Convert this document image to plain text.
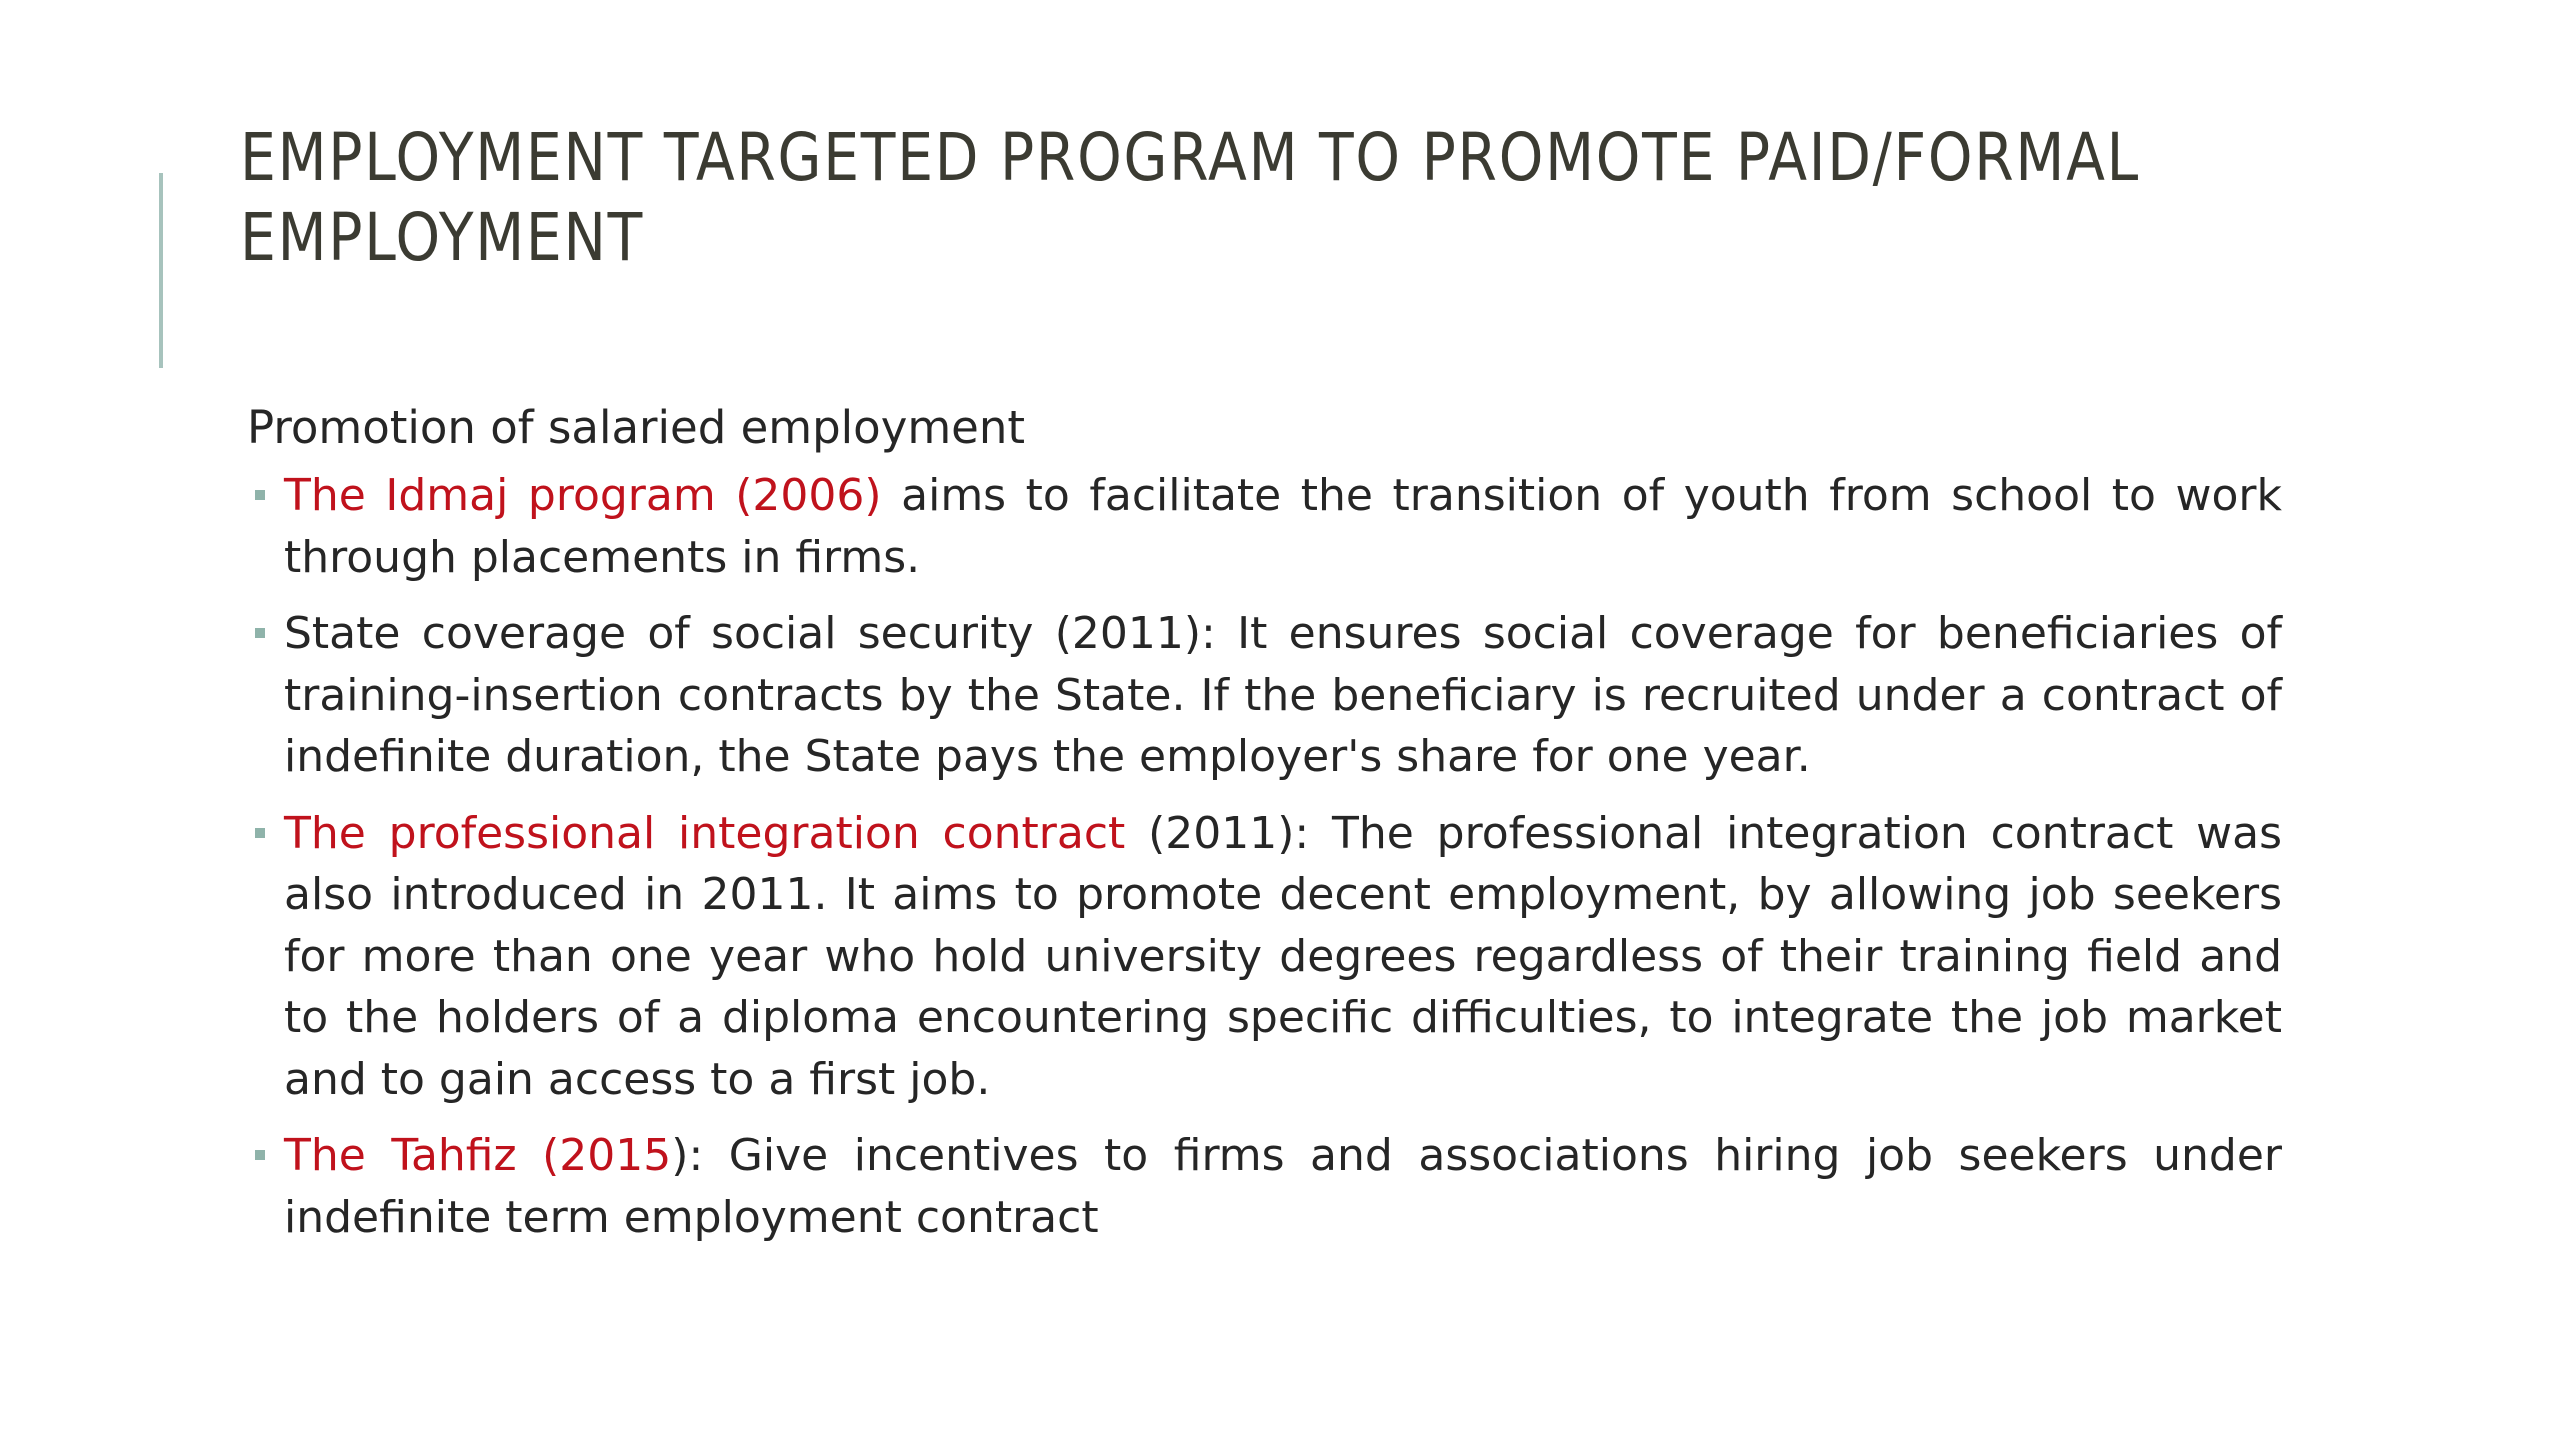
EMPLOYMENT TARGETED PROGRAM TO PROMOTE PAID/FORMAL
EMPLOYMENT
Promotion of salaried employment
The Idmaj program (2006) aims to facilitate the transition of youth from school to work through placements in firms.
State coverage of social security (2011): It ensures social coverage for beneficiaries of training-insertion contracts by the State. If the beneficiary is recruited under a contract of indefinite duration, the State pays the employer's share for one year.
The professional integration contract (2011): The professional integration contract was also introduced in 2011. It aims to promote decent employment, by allowing job seekers for more than one year who hold university degrees regardless of their training field and to the holders of a diploma encountering specific difficulties, to integrate the job market and to gain access to a first job.
The Tahfiz (2015): Give incentives to firms and associations hiring job seekers under indefinite term employment contract
